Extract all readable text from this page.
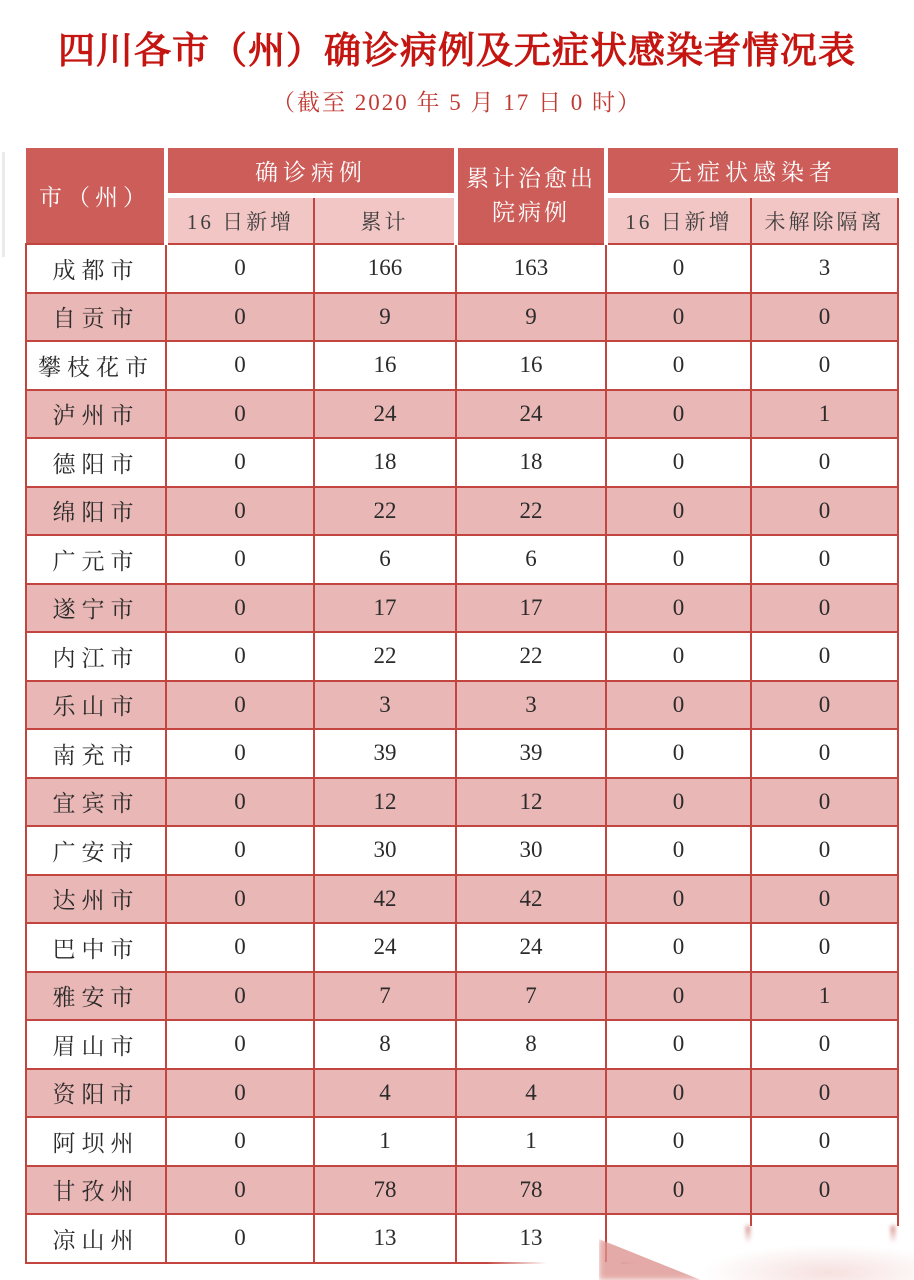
四川各市（州）确诊病例及无症状感染者情况表
（截至 2020 年 5 月 17 日 0 时）
市（州）	确诊病例		累计治愈出院病例	无症状感染者	
	16 日新增	累计		16 日新增	未解除隔离
成都市	0	166	163	0	3
自贡市	0	9	9	0	0
攀枝花市	0	16	16	0	0
泸州市	0	24	24	0	1
德阳市	0	18	18	0	0
绵阳市	0	22	22	0	0
广元市	0	6	6	0	0
遂宁市	0	17	17	0	0
内江市	0	22	22	0	0
乐山市	0	3	3	0	0
南充市	0	39	39	0	0
宜宾市	0	12	12	0	0
广安市	0	30	30	0	0
达州市	0	42	42	0	0
巴中市	0	24	24	0	0
雅安市	0	7	7	0	1
眉山市	0	8	8	0	0
资阳市	0	4	4	0	0
阿坝州	0	1	1	0	0
甘孜州	0	78	78	0	0
凉山州	0	13	13		
